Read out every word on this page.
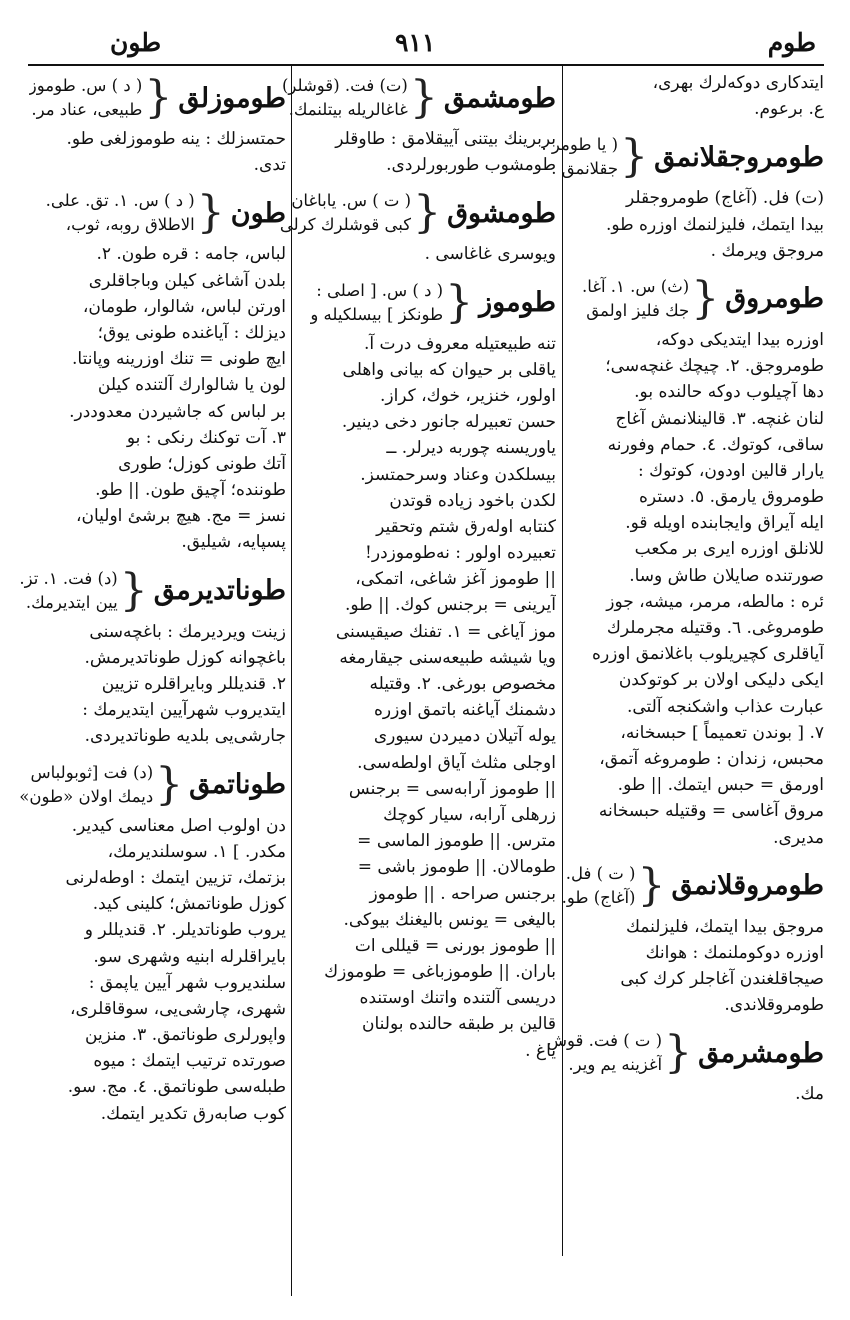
طوم
٩١١
طون
ایتدكاری دوكه‌لرك بهری،
ع. برعوم.
طومروجقلانمق
{
( یا طومر .
جقلانمق .
(ت) فل. (آغاج) طومروجقلر
بیدا ایتمك، فلیزلنمك اوزره طو.
مروجق ویرمك .
طومروق
{
(ث) س. ١. آغا.
جك فلیز اولمق
اوزره بیدا ایتدیكی دوكه،
طومروجق. ٢. چیچك غنچه‌سی؛
دها آچیلوب دوكه حالنده بو.
لنان غنچه. ٣. قالینلانمش آغاج
ساقی، كوتوك. ٤. حمام وفورنه
یارار قالین اودون، كوتوك :
طومروق یارمق. ٥. دستره
ایله آیراق وایجابنده اویله قو.
للانلق اوزره ایری بر مكعب
صورتنده صایلان طاش وسا.
ئره : مالطه، مرمر، میشه، جوز
طومروغی. ٦. وقتیله مجرملرك
آیاقلری كچیریلوب باغلانمق اوزره
ایكی دلیكی اولان بر كوتوكدن
عبارت عذاب واشكنجه آلتی.
٧. [ بوندن تعمیماً ] حبسخانه،
محبس، زندان : طومروغه آتمق،
اورمق = حبس ایتمك. || طو.
مروق آغاسی = وقتیله حبسخانه
مدیری.
طومروقلانمق
{
( ت ) فل.
(آغاج) طو.
مروجق بیدا ایتمك، فلیزلنمك
اوزره دوكوملنمك : هوانك
صیجاقلغندن آغاجلر كرك كبی
طومروقلاندی.
طومشرمق
{
( ت ) فت. قوش
آغزینه یم ویر.
مك.
طومشمق
{
(ت) فت. (قوشلر)
غاغالریله بیتلنمك.
بربرینك بیتنی آییقلامق : طاوقلر
طومشوب طوربورلردی.
طومشوق
{
( ت ) س. یاباغان
كبی قوشلرك كرلی
ویوسری غاغاسی .
طوموز
{
( د ) س. [ اصلی :
طونكز ] بیسلكیله و
تنه طبیعتیله معروف درت آ.
یاقلی بر حیوان كه بیانی واهلی
اولور، خنزیر، خوك، كراز.
حسن تعبیرله جانور دخی دینیر.
یاوریسنه چوربه دیرلر. ــ
بیسلكدن وعناد وسرحمتسز.
لكدن باخود زیاده قوتدن
كنتابه اولەرق شتم وتحقیر
تعبیرده اولور : نەطوموزدر!
|| طوموز آغز شاغی، اتمكی،
آیرینی = برجنس كوك. || طو.
موز آیاغی = ١. تفنك صیقیسنی
ویا شیشه طبیعه‌سنی جیقارمغه
مخصوص بورغی. ٢. وقتیله
دشمنك آیاغنه باتمق اوزره
یوله آتیلان دمیردن سیوری
اوجلی مثلث آیاق اولطه‌سی.
|| طوموز آرابه‌سی = برجنس
زرهلی آرابه، سیار كوچك
مترس. || طوموز الماسی =
طومالان. || طوموز باشی =
برجنس صراحه . || طوموز
بالیغی = یونس بالیغنك بیوكی.
|| طوموز بورنی = قیللی ات
باران. || طوموزباغی = طوموزك
دریسی آلتنده واتنك اوستنده
قالین بر طبقه حالنده بولنان
یاغ .
طوموزلق
{
( د ) س. طوموز
طبیعی، عناد مر.
حمتسزلك : ینه طوموزلغی طو.
تدی.
طون
{
( د ) س. ١. تق. علی.
الاطلاق روبه، ثوب،
لباس، جامه : قره طون. ٢.
بلدن آشاغی كیلن وباجاقلری
اورتن لباس، شالوار، طومان،
دیزلك : آیاغنده طونی یوق؛
ایچ طونی = تنك اوزرینه وپانتا.
لون یا شالوارك آلتنده كیلن
بر لباس كه جاشیردن معدوددر.
٣. آت توكنك رنكی : بو
آتك طونی كوزل؛ طوری
طوننده؛ آچیق طون. || طو.
نسز = مج. هیچ برشئ اولیان،
پسپایه، شیلیق.
طوناتدیرمق
{
(د) فت. ١. تز.
یین ایتدیرمك.
زینت ویردیرمك : باغچه‌سنی
باغچوانه كوزل طوناتدیرمش.
٢. قندیللر وبایراقلره تزیین
ایتدیروب شهرآیین ایتدیرمك :
جارشی‌یی بلدیه طوناتدیردی.
طوناتمق
{
(د) فت [ثوبولباس
دیمك اولان «طون»
دن اولوب اصل معناسی كیدیر.
مكدر. ] ١. سوسلندیرمك،
بزتمك، تزیین ایتمك : اوطەلرنی
كوزل طوناتمش؛ كلینی كید.
یروب طوناتدیلر. ٢. قندیللر و
بایراقلرله ابنیه وشهری سو.
سلندیروب شهر آیین یاپمق :
شهری، چارشی‌یی، سوقاقلری،
واپورلری طوناتمق. ٣. منزین
صورتده ترتیب ایتمك : میوه
طبله‌سی طوناتمق. ٤. مج. سو.
كوب صابەرق تكدیر ایتمك.
